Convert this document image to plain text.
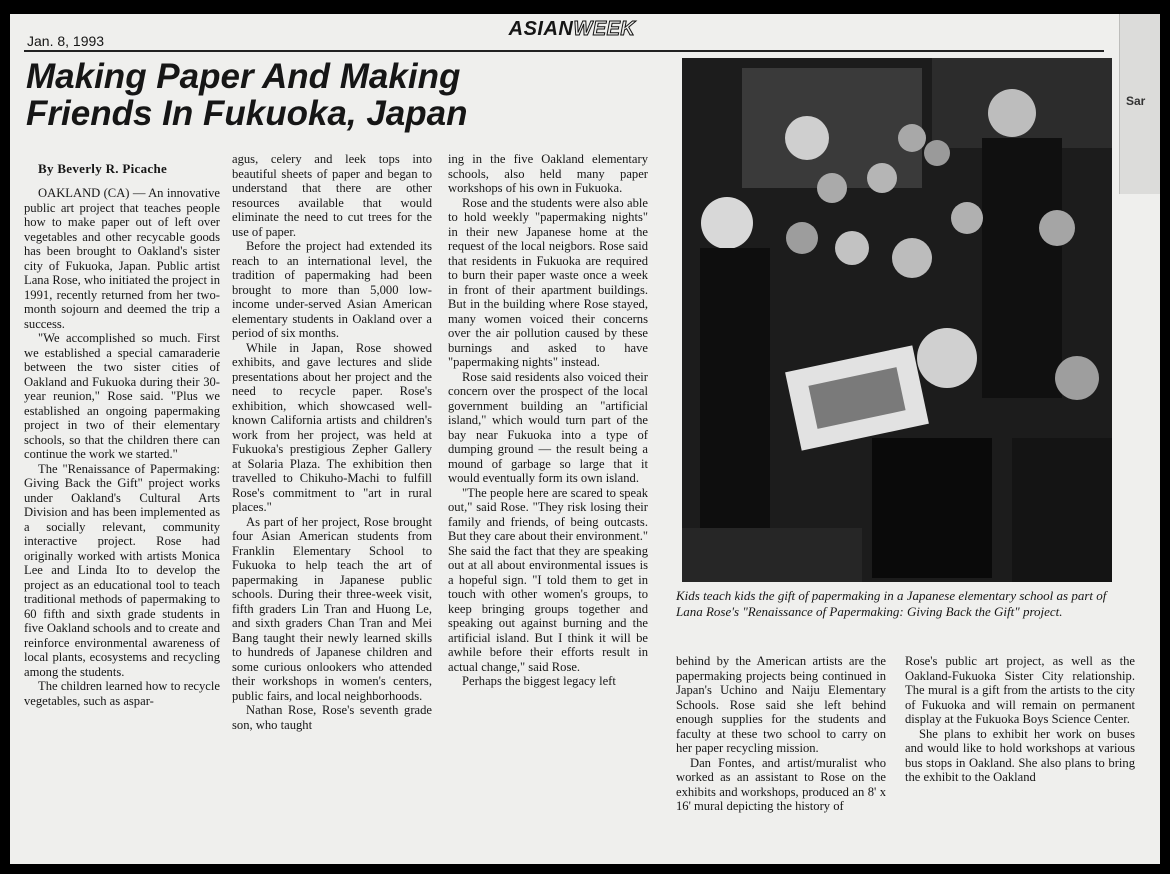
Sar
ASIANWEEK
Jan. 8, 1993
Making Paper And Making Friends In Fukuoka, Japan
By Beverly R. Picache

OAKLAND (CA) — An innovative public art project that teaches people how to make paper out of left over vegetables and other recycable goods has been brought to Oakland's sister city of Fukuoka, Japan. Public artist Lana Rose, who initiated the project in 1991, recently returned from her two-month sojourn and deemed the trip a success.

"We accomplished so much. First we established a special camaraderie between the two sister cities of Oakland and Fukuoka during their 30-year reunion," Rose said. "Plus we established an ongoing papermaking project in two of their elementary schools, so that the children there can continue the work we started."

The "Renaissance of Papermaking: Giving Back the Gift" project works under Oakland's Cultural Arts Division and has been implemented as a socially relevant, community interactive project. Rose had originally worked with artists Monica Lee and Linda Ito to develop the project as an educational tool to teach traditional methods of papermaking to 60 fifth and sixth grade students in five Oakland schools and to create and reinforce environmental awareness of local plants, ecosystems and recycling among the students.

The children learned how to recycle vegetables, such as aspar-

agus, celery and leek tops into beautiful sheets of paper and began to understand that there are other resources available that would eliminate the need to cut trees for the use of paper.

Before the project had extended its reach to an international level, the tradition of papermaking had been brought to more than 5,000 low-income under-served Asian American elementary students in Oakland over a period of six months.

While in Japan, Rose showed exhibits, and gave lectures and slide presentations about her project and the need to recycle paper. Rose's exhibition, which showcased well-known California artists and children's work from her project, was held at Fukuoka's prestigious Zepher Gallery at Solaria Plaza. The exhibition then travelled to Chikuho-Machi to fulfill Rose's commitment to "art in rural places."

As part of her project, Rose brought four Asian American students from Franklin Elementary School to Fukuoka to help teach the art of papermaking in Japanese public schools. During their three-week visit, fifth graders Lin Tran and Huong Le, and sixth graders Chan Tran and Mei Bang taught their newly learned skills to hundreds of Japanese children and some curious onlookers who attended their workshops in women's centers, public fairs, and local neighborhoods.

Nathan Rose, Rose's seventh grade son, who taught

ing in the five Oakland elementary schools, also held many paper workshops of his own in Fukuoka.

Rose and the students were also able to hold weekly "papermaking nights" in their new Japanese home at the request of the local neigbors. Rose said that residents in Fukuoka are required to burn their paper waste once a week in front of their apartment buildings. But in the building where Rose stayed, many women voiced their concerns over the air pollution caused by these burnings and asked to have "papermaking nights" instead.

Rose said residents also voiced their concern over the prospect of the local government building an "artificial island," which would turn part of the bay near Fukuoka into a type of dumping ground — the result being a mound of garbage so large that it would eventually form its own island.

"The people here are scared to speak out," said Rose. "They risk losing their family and friends, of being outcasts. But they care about their environment." She said the fact that they are speaking out at all about environmental issues is a hopeful sign. "I told them to get in touch with other women's groups, to keep bringing groups together and speaking out against burning and the artificial island. But I think it will be awhile before their efforts result in actual change," said Rose.

Perhaps the biggest legacy left

Kids teach kids the gift of papermaking in a Japanese elementary school as part of Lana Rose's "Renaissance of Papermaking: Giving Back the Gift" project.

behind by the American artists are the papermaking projects being continued in Japan's Uchino and Naiju Elementary Schools. Rose said she left behind enough supplies for the students and faculty at these two school to carry on her paper recycling mission.

Dan Fontes, and artist/muralist who worked as an assistant to Rose on the exhibits and workshops, produced an 8' x 16' mural depicting the history of

Rose's public art project, as well as the Oakland-Fukuoka Sister City relationship. The mural is a gift from the artists to the city of Fukuoka and will remain on permanent display at the Fukuoka Boys Science Center.

She plans to exhibit her work on buses and would like to hold workshops at various bus stops in Oakland. She also plans to bring the exhibit to the Oakland
